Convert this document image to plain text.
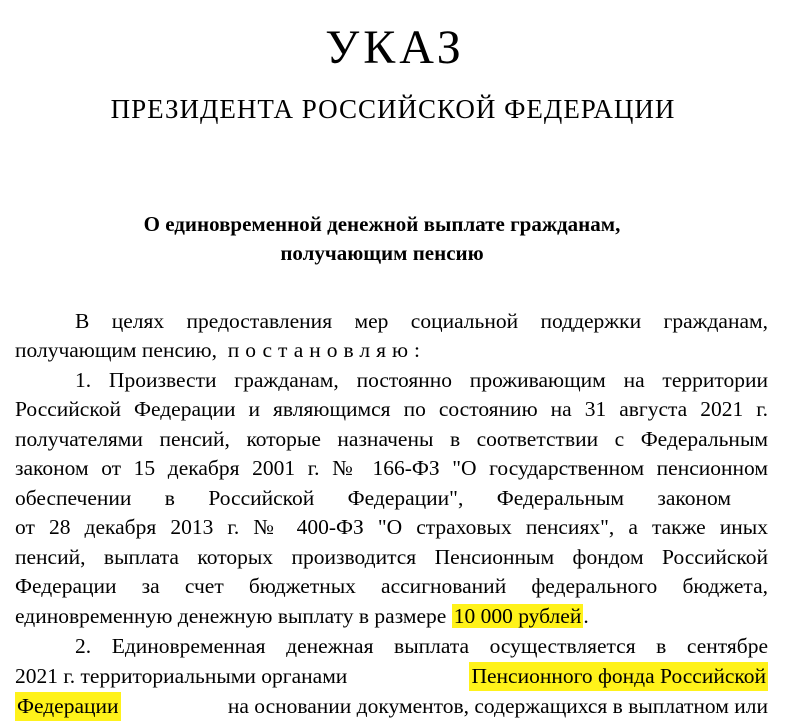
УКАЗ
ПРЕЗИДЕНТА РОССИЙСКОЙ ФЕДЕРАЦИИ
О единовременной денежной выплате гражданам,
получающим пенсию

В целях предоставления мер социальной поддержки гражданам,

получающим пенсию, постановляю:

1. Произвести гражданам, постоянно проживающим на территории

Российской Федерации и являющимся по состоянию на 31 августа 2021 г.

получателями пенсий, которые назначены в соответствии с Федеральным

законом от 15 декабря 2001 г. № 166-ФЗ "О государственном пенсионном

обеспечении в Российской Федерации", Федеральным законом

от 28 декабря 2013 г. № 400-ФЗ "О страховых пенсиях", а также иных

пенсий, выплата которых производится Пенсионным фондом Российской

Федерации за счет бюджетных ассигнований федерального бюджета,

единовременную денежную выплату в размере 10 000 рублей.

2. Единовременная денежная выплата осуществляется в сентябре

2021 г. территориальными органами	Пенсионного фонда Российской

Федерации	на основании документов, содержащихся в выплатном или
